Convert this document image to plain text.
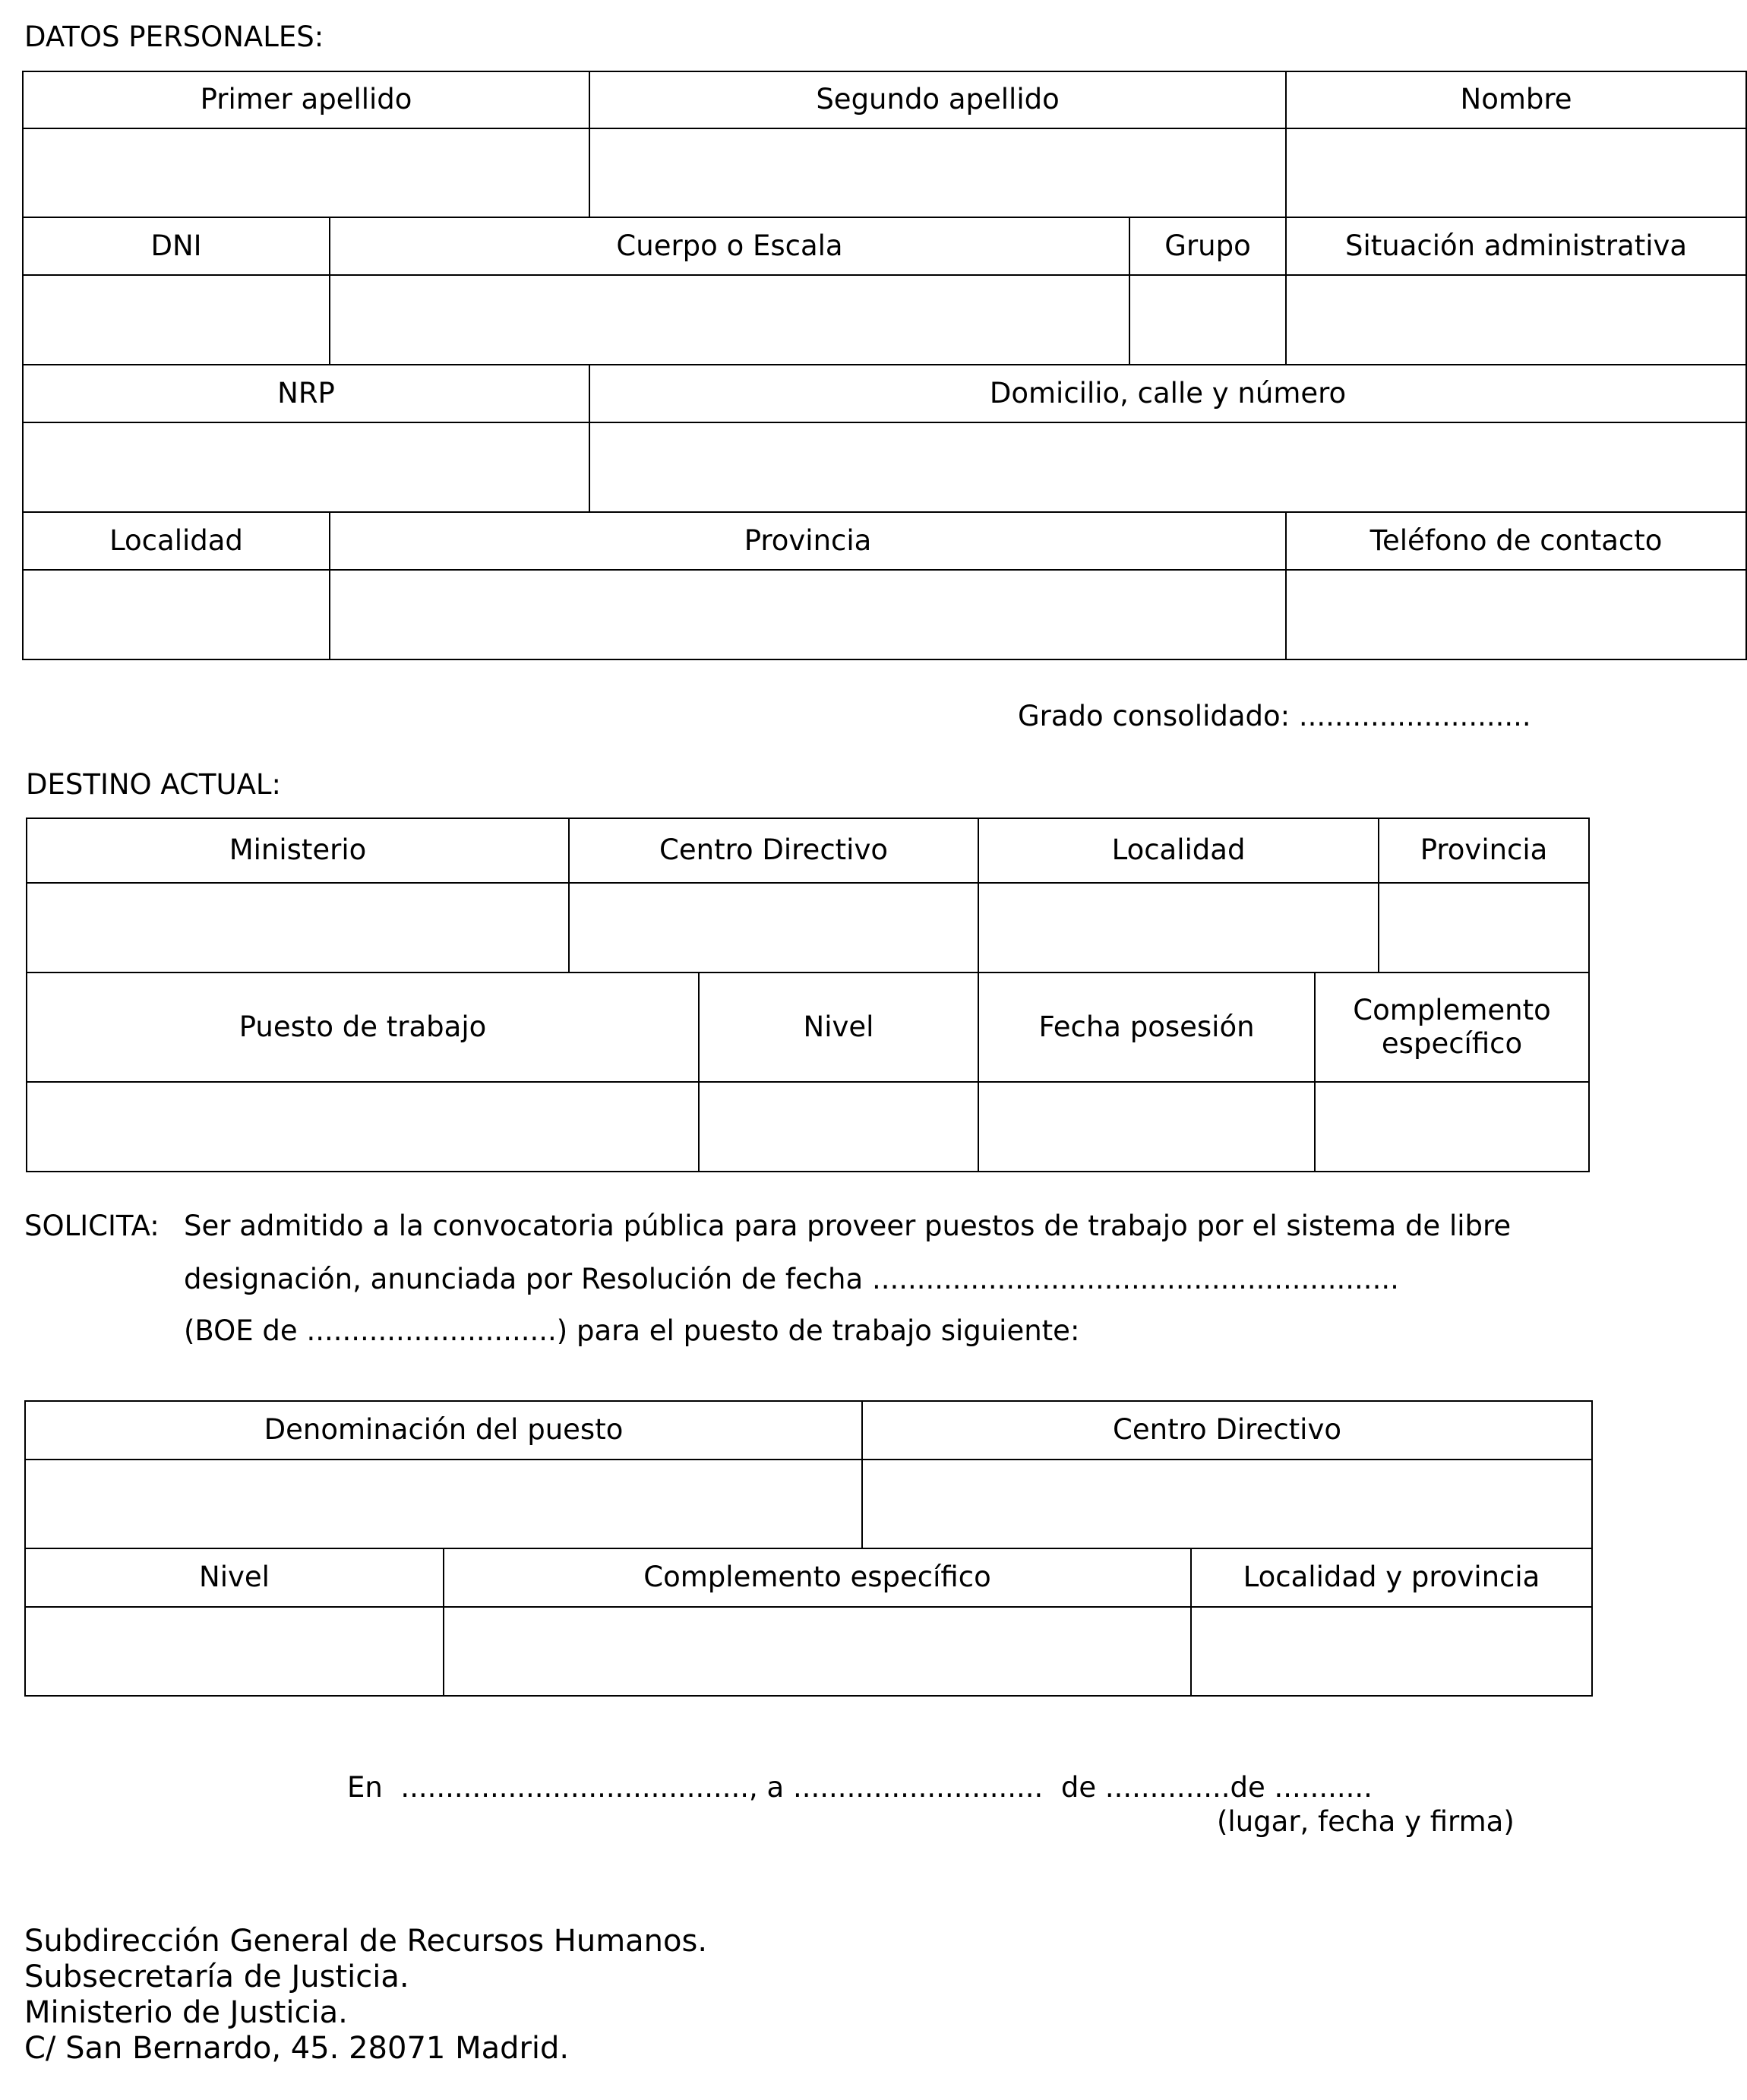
DATOS PERSONALES:
Primer apellido		Segundo apellido		Nombre

DNI	Cuerpo o Escala		Grupo	Situación administrativa

NRP		Domicilio, calle y número		

Localidad	Provincia			Teléfono de contacto

Grado consolidado: ..........................
DESTINO ACTUAL:
Ministerio	Centro Directivo		Localidad		Provincia

Puesto de trabajo		Nivel	Fecha posesión	Complemento específico	

SOLICITA: Ser admitido a la convocatoria pública para proveer puestos de trabajo por el sistema de libre
designación, anunciada por Resolución de fecha ...........................................................
(BOE de ............................) para el puesto de trabajo siguiente:
Denominación del puesto		Centro Directivo	

Nivel	Complemento específico		Localidad y provincia

En  ......................................., a ............................  de ..............de ...........
(lugar, fecha y firma)
Subdirección General de Recursos Humanos.
Subsecretaría de Justicia.
Ministerio de Justicia.
C/ San Bernardo, 45. 28071 Madrid.
